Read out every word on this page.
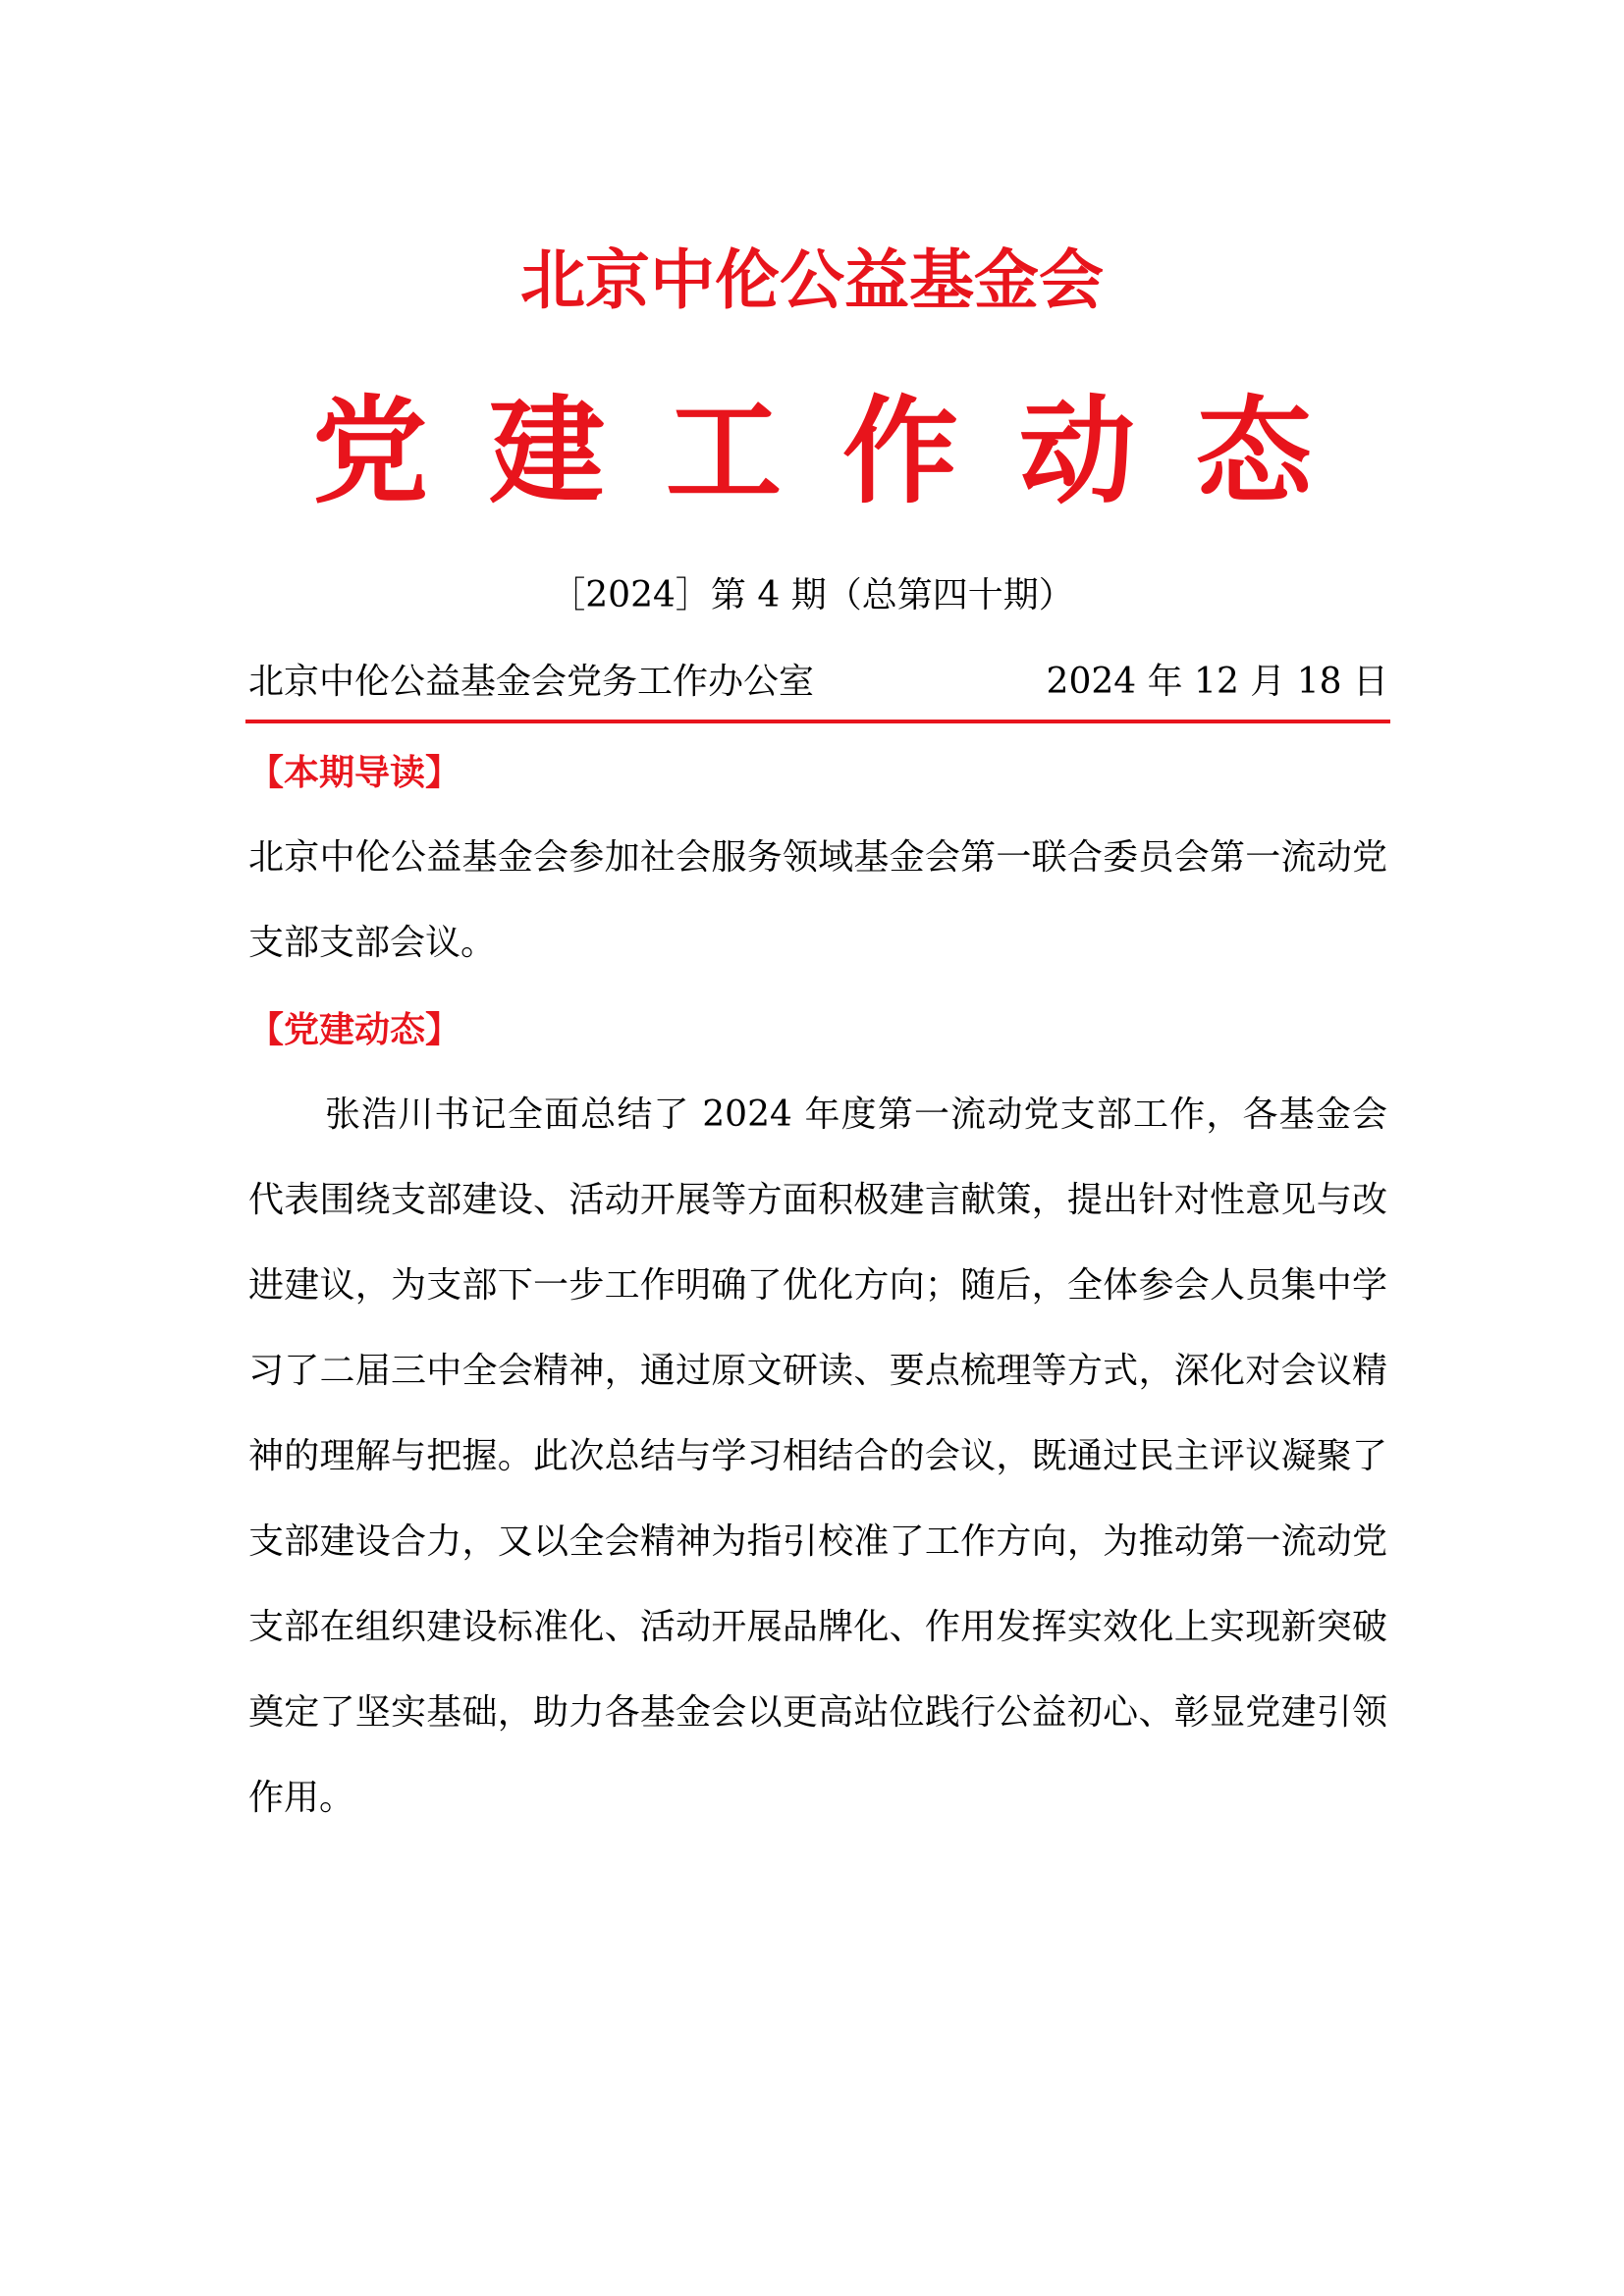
北京中伦公益基金会
党建工作动态
［2024］第 4 期（总第四十期）
北京中伦公益基金会党务工作办公室	2024 年 12 月 18 日
【本期导读】
北京中伦公益基金会参加社会服务领域基金会第一联合委员会第一流动党支部支部会议。
【党建动态】
张浩川书记全面总结了 2024 年度第一流动党支部工作，各基金会代表围绕支部建设、活动开展等方面积极建言献策，提出针对性意见与改进建议，为支部下一步工作明确了优化方向；随后，全体参会人员集中学习了二届三中全会精神，通过原文研读、要点梳理等方式，深化对会议精神的理解与把握。此次总结与学习相结合的会议，既通过民主评议凝聚了支部建设合力，又以全会精神为指引校准了工作方向，为推动第一流动党支部在组织建设标准化、活动开展品牌化、作用发挥实效化上实现新突破奠定了坚实基础，助力各基金会以更高站位践行公益初心、彰显党建引领作用。
